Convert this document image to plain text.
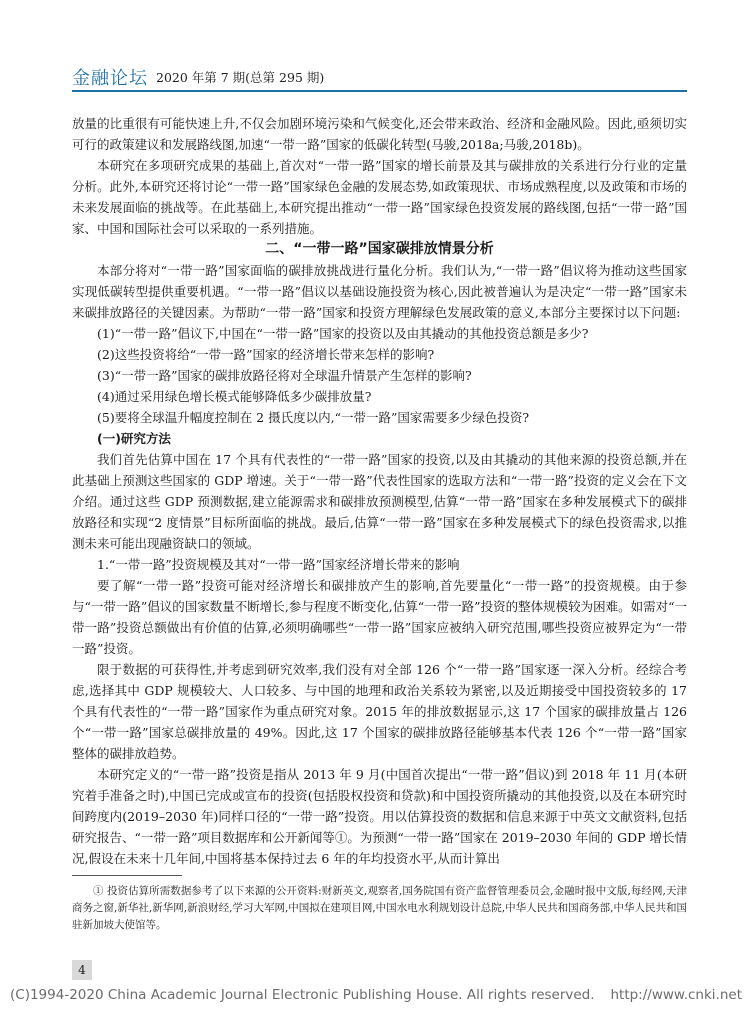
金融论坛 2020 年第 7 期(总第 295 期)

放量的比重很有可能快速上升,不仅会加剧环境污染和气候变化,还会带来政治、经济和金融风险。因此,亟须切实可行的政策建议和发展路线图,加速“一带一路”国家的低碳化转型(马骏,2018a;马骏,2018b)。

本研究在多项研究成果的基础上,首次对“一带一路”国家的增长前景及其与碳排放的关系进行分行业的定量分析。此外,本研究还将讨论“一带一路”国家绿色金融的发展态势,如政策现状、市场成熟程度,以及政策和市场的未来发展面临的挑战等。在此基础上,本研究提出推动“一带一路”国家绿色投资发展的路线图,包括“一带一路”国家、中国和国际社会可以采取的一系列措施。

二、“一带一路”国家碳排放情景分析

本部分将对“一带一路”国家面临的碳排放挑战进行量化分析。我们认为,“一带一路”倡议将为推动这些国家实现低碳转型提供重要机遇。“一带一路”倡议以基础设施投资为核心,因此被普遍认为是决定“一带一路”国家未来碳排放路径的关键因素。为帮助“一带一路”国家和投资方理解绿色发展政策的意义,本部分主要探讨以下问题:

(1)“一带一路”倡议下,中国在“一带一路”国家的投资以及由其撬动的其他投资总额是多少?

(2)这些投资将给“一带一路”国家的经济增长带来怎样的影响?

(3)“一带一路”国家的碳排放路径将对全球温升情景产生怎样的影响?

(4)通过采用绿色增长模式能够降低多少碳排放量?

(5)要将全球温升幅度控制在 2 摄氏度以内,“一带一路”国家需要多少绿色投资?

(一)研究方法

我们首先估算中国在 17 个具有代表性的“一带一路”国家的投资,以及由其撬动的其他来源的投资总额,并在此基础上预测这些国家的 GDP 增速。关于“一带一路”代表性国家的选取方法和“一带一路”投资的定义会在下文介绍。通过这些 GDP 预测数据,建立能源需求和碳排放预测模型,估算“一带一路”国家在多种发展模式下的碳排放路径和实现“2 度情景”目标所面临的挑战。最后,估算“一带一路”国家在多种发展模式下的绿色投资需求,以推测未来可能出现融资缺口的领域。

1.“一带一路”投资规模及其对“一带一路”国家经济增长带来的影响

要了解“一带一路”投资可能对经济增长和碳排放产生的影响,首先要量化“一带一路”的投资规模。由于参与“一带一路”倡议的国家数量不断增长,参与程度不断变化,估算“一带一路”投资的整体规模较为困难。如需对“一带一路”投资总额做出有价值的估算,必须明确哪些“一带一路”国家应被纳入研究范围,哪些投资应被界定为“一带一路”投资。

限于数据的可获得性,并考虑到研究效率,我们没有对全部 126 个“一带一路”国家逐一深入分析。经综合考虑,选择其中 GDP 规模较大、人口较多、与中国的地理和政治关系较为紧密,以及近期接受中国投资较多的 17 个具有代表性的“一带一路”国家作为重点研究对象。2015 年的排放数据显示,这 17 个国家的碳排放量占 126 个“一带一路”国家总碳排放量的 49%。因此,这 17 个国家的碳排放路径能够基本代表 126 个“一带一路”国家整体的碳排放趋势。

本研究定义的“一带一路”投资是指从 2013 年 9 月(中国首次提出“一带一路”倡议)到 2018 年 11 月(本研究着手准备之时),中国已完成或宣布的投资(包括股权投资和贷款)和中国投资所撬动的其他投资,以及在本研究时间跨度内(2019–2030 年)同样口径的“一带一路”投资。用以估算投资的数据和信息来源于中英文文献资料,包括研究报告、“一带一路”项目数据库和公开新闻等①。为预测“一带一路”国家在 2019–2030 年间的 GDP 增长情况,假设在未来十几年间,中国将基本保持过去 6 年的年均投资水平,从而计算出

① 投资估算所需数据参考了以下来源的公开资料:财新英文,观察者,国务院国有资产监督管理委员会,金融时报中文版,每经网,天津商务之窗,新华社,新华网,新浪财经,学习大军网,中国拟在建项目网,中国水电水利规划设计总院,中华人民共和国商务部,中华人民共和国驻新加坡大使馆等。
4
(C)1994-2020 China Academic Journal Electronic Publishing House. All rights reserved. http://www.cnki.net
